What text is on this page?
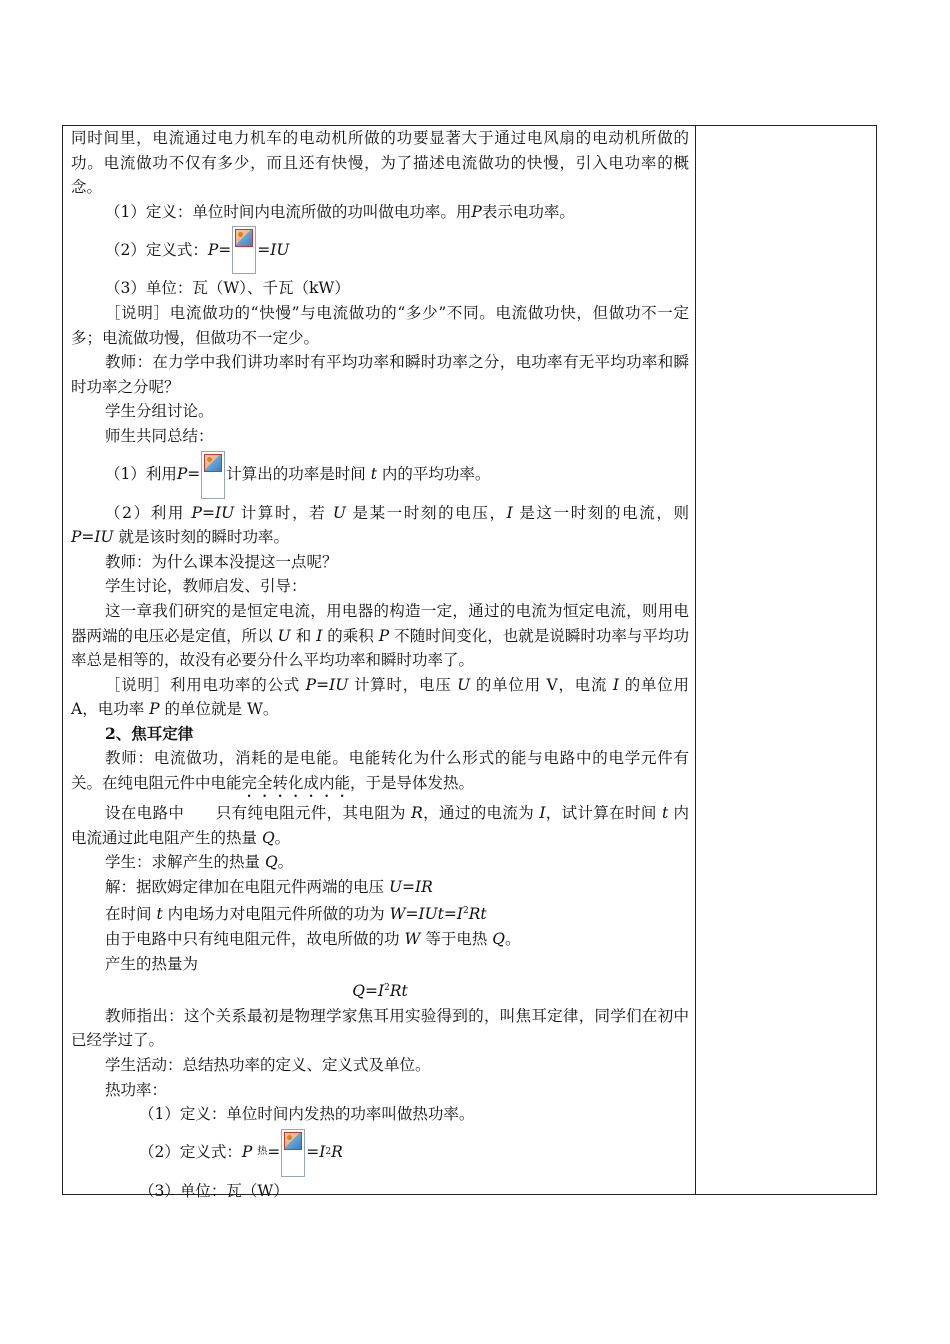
同时间里，电流通过电力机车的电动机所做的功要显著大于通过电风扇的电动机所做的功。电流做功不仅有多少，而且还有快慢，为了描述电流做功的快慢，引入电功率的概念。

（1）定义：单位时间内电流所做的功叫做电功率。用P表示电功率。

（2）定义式： P= =IU

（3）单位：瓦（W）、千瓦（kW）

［说明］电流做功的“快慢”与电流做功的“多少”不同。电流做功快，但做功不一定多；电流做功慢，但做功不一定少。

教师：在力学中我们讲功率时有平均功率和瞬时功率之分，电功率有无平均功率和瞬时功率之分呢？

学生分组讨论。

师生共同总结：

（1）利用 P= 计算出的功率是时间
t
内的平均功率。

（2）利用 P=IU 计算时，若 U 是某一时刻的电压，I 是这一时刻的电流，则P=IU 就是该时刻的瞬时功率。

教师：为什么课本没提这一点呢？

学生讨论，教师启发、引导：

这一章我们研究的是恒定电流，用电器的构造一定，通过的电流为恒定电流，则用电器两端的电压必是定值，所以 U 和 I 的乘积 P 不随时间变化，也就是说瞬时功率与平均功率总是相等的，故没有必要分什么平均功率和瞬时功率了。

［说明］利用电功率的公式 P=IU 计算时，电压 U 的单位用 V，电流 I 的单位用 A，电功率 P 的单位就是 W。

2、焦耳定律

教师：电流做功，消耗的是电能。电能转化为什么形式的能与电路中的电学元件有关。在纯电阻元件中电能完全转化成内能，于是导体发热。

设在电路中 只有纯电阻元件，其电阻为 R，通过的电流为 I，试计算在时间 t 内电流通过此电阻产生的热量 Q。

学生：求解产生的热量 Q。

解：据欧姆定律加在电阻元件两端的电压 U=IR

在时间 t 内电场力对电阻元件所做的功为 $W=IUt=I^2Rt$

由于电路中只有纯电阻元件，故电所做的功 W 等于电热 Q。

产生的热量为

$Q=I^2Rt$

教师指出：这个关系最初是物理学家焦耳用实验得到的，叫焦耳定律，同学们在初中已经学过了。

学生活动：总结热功率的定义、定义式及单位。

热功率：

（1）定义：单位时间内发热的功率叫做热功率。

（2）定义式： P
热 = =I 2 R

（3）单位：瓦（W）
